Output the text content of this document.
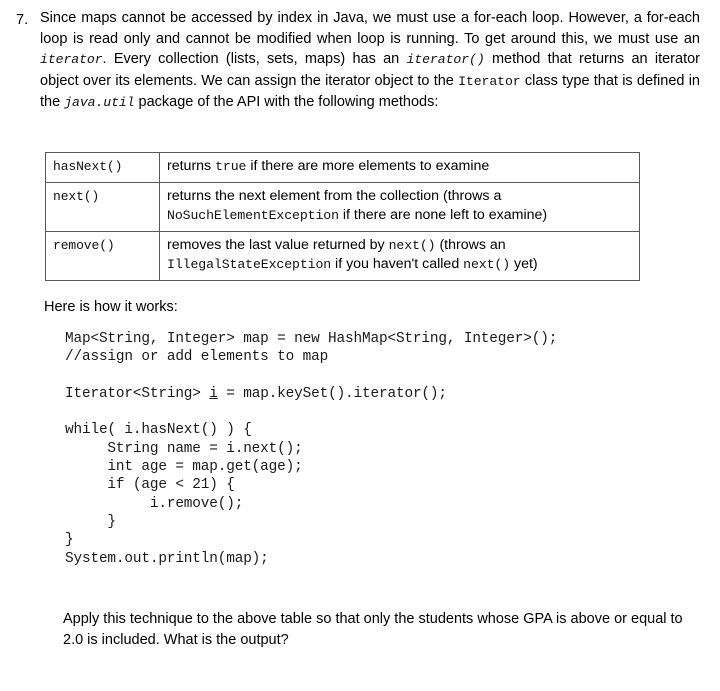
7. Since maps cannot be accessed by index in Java, we must use a for-each loop. However, a for-each loop is read only and cannot be modified when loop is running. To get around this, we must use an iterator. Every collection (lists, sets, maps) has an iterator() method that returns an iterator object over its elements. We can assign the iterator object to the Iterator class type that is defined in the java.util package of the API with the following methods:

hasNext()	returns true if there are more elements to examine
next()	returns the next element from the collection (throws a NoSuchElementException if there are none left to examine)
remove()	removes the last value returned by next() (throws an IllegalStateException if you haven't called next() yet)
Here is how it works:
Map<String, Integer> map = new HashMap<String, Integer>();
//assign or add elements to map

Iterator<String> i = map.keySet().iterator();

while( i.hasNext() ) {
String name = i.next();
int age = map.get(age);
if (age < 21) {
i.remove();
}
}
System.out.println(map);

Apply this technique to the above table so that only the students whose GPA is above or equal to 2.0 is included. What is the output?
